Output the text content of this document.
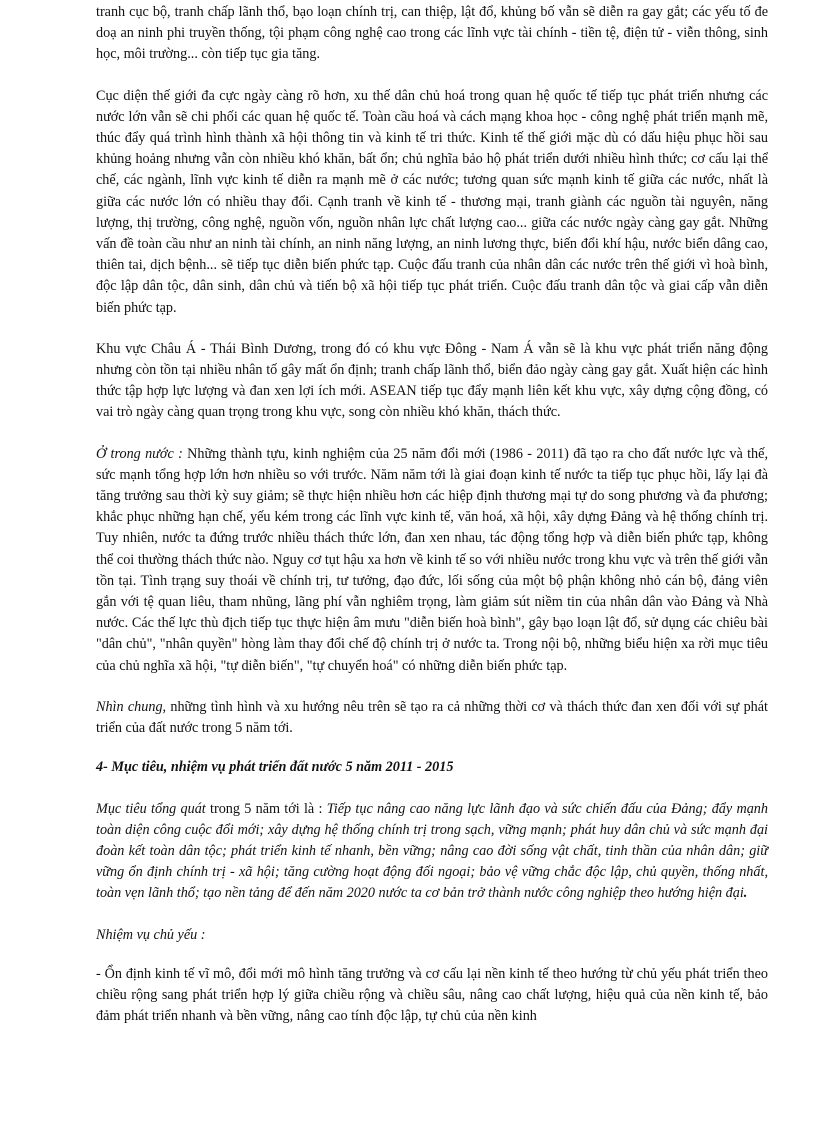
tranh cục bộ, tranh chấp lãnh thổ, bạo loạn chính trị, can thiệp, lật đổ, khủng bố vẫn sẽ diễn ra gay gắt; các yếu tố đe doạ an ninh phi truyền thống, tội phạm công nghệ cao trong các lĩnh vực tài chính - tiền tệ, điện tử - viễn thông, sinh học, môi trường... còn tiếp tục gia tăng.

Cục diện thế giới đa cực ngày càng rõ hơn, xu thế dân chủ hoá trong quan hệ quốc tế tiếp tục phát triển nhưng các nước lớn vẫn sẽ chi phối các quan hệ quốc tế. Toàn cầu hoá và cách mạng khoa học - công nghệ phát triển mạnh mẽ, thúc đẩy quá trình hình thành xã hội thông tin và kinh tế tri thức. Kinh tế thế giới mặc dù có dấu hiệu phục hồi sau khủng hoảng nhưng vẫn còn nhiều khó khăn, bất ổn; chủ nghĩa bảo hộ phát triển dưới nhiều hình thức; cơ cấu lại thể chế, các ngành, lĩnh vực kinh tế diễn ra mạnh mẽ ở các nước; tương quan sức mạnh kinh tế giữa các nước, nhất là giữa các nước lớn có nhiều thay đổi. Cạnh tranh về kinh tế - thương mại, tranh giành các nguồn tài nguyên, năng lượng, thị trường, công nghệ, nguồn vốn, nguồn nhân lực chất lượng cao... giữa các nước ngày càng gay gắt. Những vấn đề toàn cầu như an ninh tài chính, an ninh năng lượng, an ninh lương thực, biến đổi khí hậu, nước biển dâng cao, thiên tai, dịch bệnh... sẽ tiếp tục diễn biến phức tạp. Cuộc đấu tranh của nhân dân các nước trên thế giới vì hoà bình, độc lập dân tộc, dân sinh, dân chủ và tiến bộ xã hội tiếp tục phát triển. Cuộc đấu tranh dân tộc và giai cấp vẫn diễn biến phức tạp.

Khu vực Châu Á - Thái Bình Dương, trong đó có khu vực Đông - Nam Á vẫn sẽ là khu vực phát triển năng động nhưng còn tồn tại nhiều nhân tố gây mất ổn định; tranh chấp lãnh thổ, biển đảo ngày càng gay gắt. Xuất hiện các hình thức tập hợp lực lượng và đan xen lợi ích mới. ASEAN tiếp tục đẩy mạnh liên kết khu vực, xây dựng cộng đồng, có vai trò ngày càng quan trọng trong khu vực, song còn nhiều khó khăn, thách thức.

Ở trong nước : Những thành tựu, kinh nghiệm của 25 năm đổi mới (1986 - 2011) đã tạo ra cho đất nước lực và thế, sức mạnh tổng hợp lớn hơn nhiều so với trước. Năm năm tới là giai đoạn kinh tế nước ta tiếp tục phục hồi, lấy lại đà tăng trưởng sau thời kỳ suy giảm; sẽ thực hiện nhiều hơn các hiệp định thương mại tự do song phương và đa phương; khắc phục những hạn chế, yếu kém trong các lĩnh vực kinh tế, văn hoá, xã hội, xây dựng Đảng và hệ thống chính trị. Tuy nhiên, nước ta đứng trước nhiều thách thức lớn, đan xen nhau, tác động tổng hợp và diễn biến phức tạp, không thể coi thường thách thức nào. Nguy cơ tụt hậu xa hơn về kinh tế so với nhiều nước trong khu vực và trên thế giới vẫn tồn tại. Tình trạng suy thoái về chính trị, tư tưởng, đạo đức, lối sống của một bộ phận không nhỏ cán bộ, đảng viên gắn với tệ quan liêu, tham nhũng, lãng phí vẫn nghiêm trọng, làm giảm sút niềm tin của nhân dân vào Đảng và Nhà nước. Các thế lực thù địch tiếp tục thực hiện âm mưu "diễn biến hoà bình", gây bạo loạn lật đổ, sử dụng các chiêu bài "dân chủ", "nhân quyền" hòng làm thay đổi chế độ chính trị ở nước ta. Trong nội bộ, những biểu hiện xa rời mục tiêu của chủ nghĩa xã hội, "tự diễn biến", "tự chuyển hoá" có những diễn biến phức tạp.

Nhìn chung, những tình hình và xu hướng nêu trên sẽ tạo ra cả những thời cơ và thách thức đan xen đối với sự phát triển của đất nước trong 5 năm tới.

4- Mục tiêu, nhiệm vụ phát triển đất nước 5 năm 2011 - 2015

Mục tiêu tổng quát trong 5 năm tới là : Tiếp tục nâng cao năng lực lãnh đạo và sức chiến đấu của Đảng; đẩy mạnh toàn diện công cuộc đổi mới; xây dựng hệ thống chính trị trong sạch, vững mạnh; phát huy dân chủ và sức mạnh đại đoàn kết toàn dân tộc; phát triển kinh tế nhanh, bền vững; nâng cao đời sống vật chất, tinh thần của nhân dân; giữ vững ổn định chính trị - xã hội; tăng cường hoạt động đối ngoại; bảo vệ vững chắc độc lập, chủ quyền, thống nhất, toàn vẹn lãnh thổ; tạo nền tảng để đến năm 2020 nước ta cơ bản trở thành nước công nghiệp theo hướng hiện đại.

Nhiệm vụ chủ yếu :

- Ổn định kinh tế vĩ mô, đổi mới mô hình tăng trưởng và cơ cấu lại nền kinh tế theo hướng từ chủ yếu phát triển theo chiều rộng sang phát triển hợp lý giữa chiều rộng và chiều sâu, nâng cao chất lượng, hiệu quả của nền kinh tế, bảo đảm phát triển nhanh và bền vững, nâng cao tính độc lập, tự chủ của nền kinh
